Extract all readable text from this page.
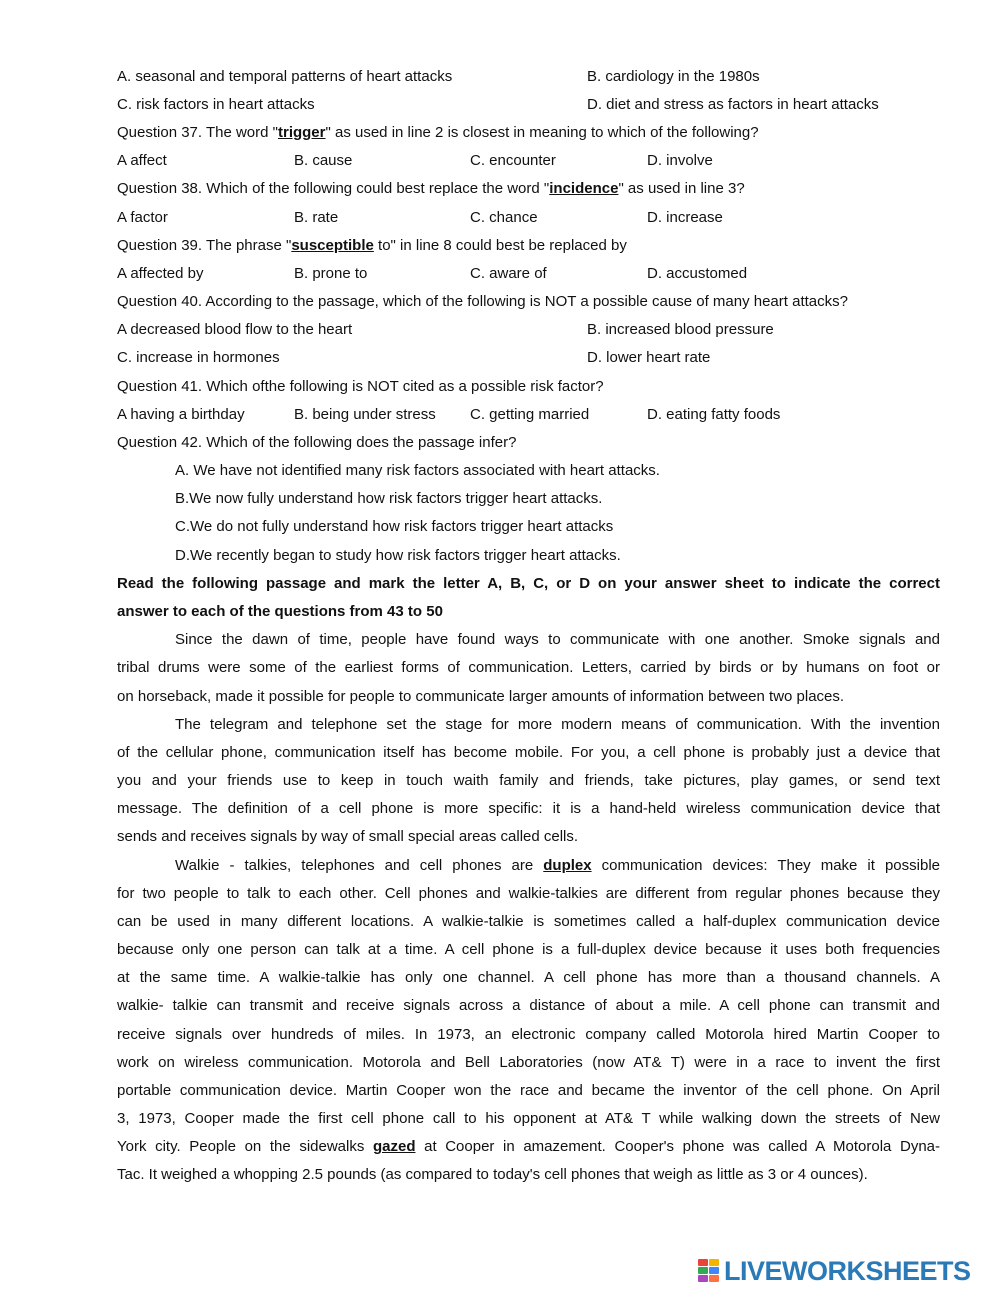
A. seasonal and temporal patterns of heart attacks	B. cardiology in the 1980s
C. risk factors in heart attacks	D. diet and stress as factors in heart attacks
Question 37. The word "trigger" as used in line 2 is closest in meaning to which of the following?
A affect	B. cause	C. encounter	D. involve
Question 38. Which of the following could best replace the word "incidence" as used in line 3?
A factor	B. rate	C. chance	D. increase
Question 39. The phrase "susceptible to" in line 8 could best be replaced by
A affected by	B. prone to	C. aware of	D. accustomed
Question 40. According to the passage, which of the following is NOT a possible cause of many heart attacks?
A decreased blood flow to the heart	B. increased blood pressure
C. increase in hormones	D. lower heart rate
Question 41. Which ofthe following is NOT cited as a possible risk factor?
A having a birthday	B. being under stress C. getting married	D. eating fatty foods
Question 42. Which of the following does the passage infer?
A. We have not identified many risk factors associated with heart attacks.
B.We now fully understand how risk factors trigger heart attacks.
C.We do not fully understand how risk factors trigger heart attacks
D.We recently began to study how risk factors trigger heart attacks.
Read the following passage and mark the letter A, B, C, or D on your answer sheet to indicate the correct
answer to each of the questions from 43 to 50
Since the dawn of time, people have found ways to communicate with one another. Smoke signals and
tribal drums were some of the earliest forms of communication. Letters, carried by birds or by humans on foot or
on horseback, made it possible for people to communicate larger amounts of information between two places.
The telegram and telephone set the stage for more modern means of communication. With the invention
of the cellular phone, communication itself has become mobile. For you, a cell phone is probably just a device that
you and your friends use to keep in touch waith family and friends, take pictures, play games, or send text
message. The definition of a cell phone is more specific: it is a hand-held wireless communication device that
sends and receives signals by way of small special areas called cells.
Walkie - talkies, telephones and cell phones are duplex communication devices: They make it possible
for two people to talk to each other. Cell phones and walkie-talkies are different from regular phones because they
can be used in many different locations. A walkie-talkie is sometimes called a half-duplex communication device
because only one person can talk at a time. A cell phone is a full-duplex device because it uses both frequencies
at the same time. A walkie-talkie has only one channel. A cell phone has more than a thousand channels. A
walkie- talkie can transmit and receive signals across a distance of about a mile. A cell phone can transmit and
receive signals over hundreds of miles. In 1973, an electronic company called Motorola hired Martin Cooper to
work on wireless communication. Motorola and Bell Laboratories (now AT& T) were in a race to invent the first
portable communication device. Martin Cooper won the race and became the inventor of the cell phone. On April
3, 1973, Cooper made the first cell phone call to his opponent at AT& T while walking down the streets of New
York city. People on the sidewalks gazed at Cooper in amazement. Cooper's phone was called A Motorola Dyna-
Tac. It weighed a whopping 2.5 pounds (as compared to today's cell phones that weigh as little as 3 or 4 ounces).
LIVEWORKSHEETS
